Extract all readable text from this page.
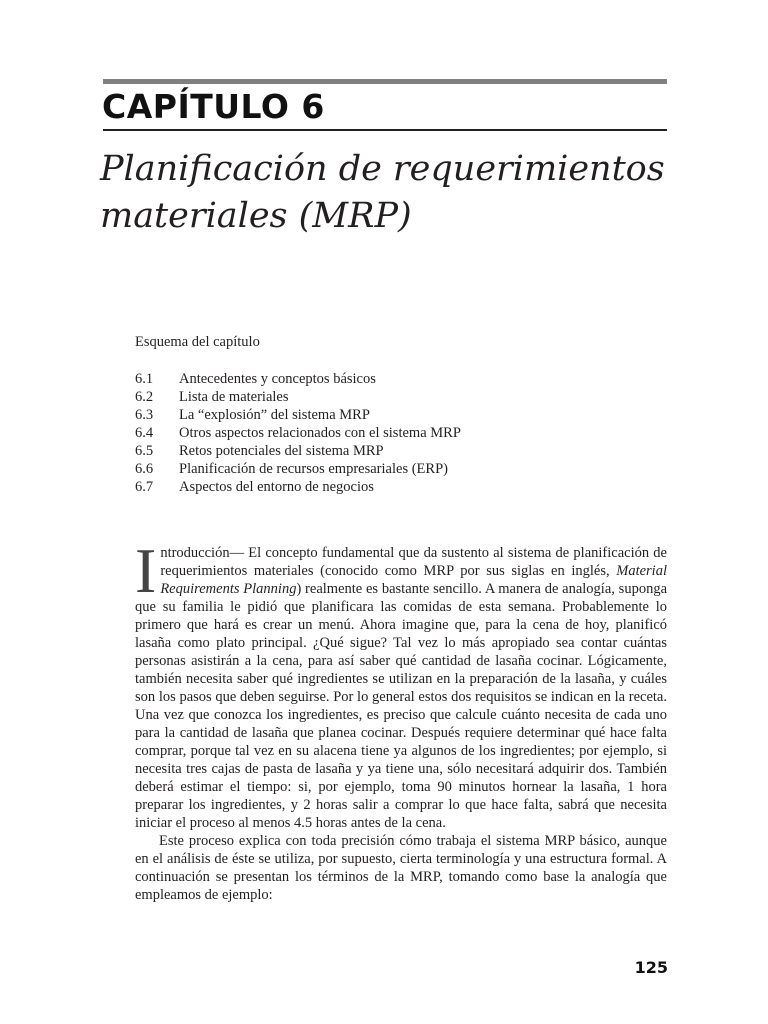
CAPÍTULO 6
Planificación de requerimientos materiales (MRP)
Esquema del capítulo
6.1 Antecedentes y conceptos básicos
6.2 Lista de materiales
6.3 La “explosión” del sistema MRP
6.4 Otros aspectos relacionados con el sistema MRP
6.5 Retos potenciales del sistema MRP
6.6 Planificación de recursos empresariales (ERP)
6.7 Aspectos del entorno de negocios

Introducción— El concepto fundamental que da sustento al sistema de planificación de requerimientos materiales (conocido como MRP por sus siglas en inglés, Material Requirements Planning) realmente es bastante sencillo. A manera de analogía, suponga que su familia le pidió que planificara las comidas de esta semana. Probablemente lo primero que hará es crear un menú. Ahora imagine que, para la cena de hoy, planificó lasaña como plato principal. ¿Qué sigue? Tal vez lo más apropiado sea contar cuántas personas asistirán a la cena, para así saber qué cantidad de lasaña cocinar. Lógicamente, también necesita saber qué ingredientes se utilizan en la preparación de la lasaña, y cuáles son los pasos que deben seguirse. Por lo general estos dos requisitos se indican en la receta. Una vez que conozca los ingredientes, es preciso que calcule cuánto necesita de cada uno para la cantidad de lasaña que planea cocinar. Después requiere determinar qué hace falta comprar, porque tal vez en su alacena tiene ya algunos de los ingredientes; por ejemplo, si necesita tres cajas de pasta de lasaña y ya tiene una, sólo necesitará adquirir dos. También deberá estimar el tiempo: si, por ejemplo, toma 90 minutos hornear la lasaña, 1 hora preparar los ingredientes, y 2 horas salir a comprar lo que hace falta, sabrá que necesita iniciar el proceso al menos 4.5 horas antes de la cena.

Este proceso explica con toda precisión cómo trabaja el sistema MRP básico, aunque en el análisis de éste se utiliza, por supuesto, cierta terminología y una estructura formal. A continuación se presentan los términos de la MRP, tomando como base la analogía que empleamos de ejemplo:

125
